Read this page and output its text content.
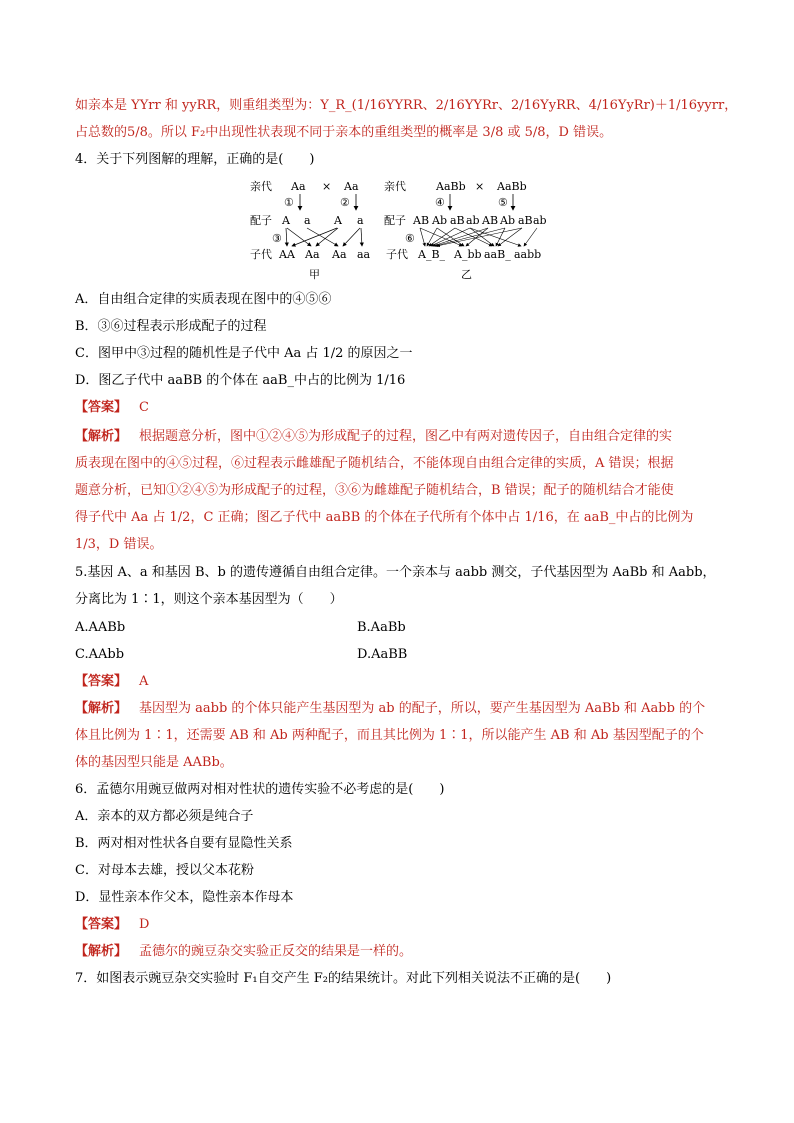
如亲本是 YYrr 和 yyRR，则重组类型为：Y_R_(1/16YYRR、2/16YYRr、2/16YyRR、4/16YyRr)＋1/16yyrr，
占总数的5/8。所以 F₂中出现性状表现不同于亲本的重组类型的概率是 3/8 或 5/8，D 错误。
4．关于下列图解的理解，正确的是(　　)
亲代 Aa × Aa
①	②
配子 A a A a
③
子代 AA Aa Aa aa
甲
亲代	AaBb × AaBb
④	⑤
配子 AB Ab aB ab AB Ab aB ab
⑥
子代 A_B_ A_bb aaB_ aabb
乙
A．自由组合定律的实质表现在图中的④⑤⑥
B．③⑥过程表示形成配子的过程
C．图甲中③过程的随机性是子代中 Aa 占 1/2 的原因之一
D．图乙子代中 aaBB 的个体在 aaB_中占的比例为 1/16
【答案】 C
【解析】 根据题意分析，图中①②④⑤为形成配子的过程，图乙中有两对遗传因子，自由组合定律的实
质表现在图中的④⑤过程，⑥过程表示雌雄配子随机结合，不能体现自由组合定律的实质，A 错误；根据
题意分析，已知①②④⑤为形成配子的过程，③⑥为雌雄配子随机结合，B 错误；配子的随机结合才能使
得子代中 Aa 占 1/2，C 正确；图乙子代中 aaBB 的个体在子代所有个体中占 1/16，在 aaB_中占的比例为
1/3，D 错误。
5.基因 A、a 和基因 B、b 的遗传遵循自由组合定律。一个亲本与 aabb 测交，子代基因型为 AaBb 和 Aabb，
分离比为 1∶1，则这个亲本基因型为（　　）
A.AABb	B.AaBb
C.AAbb	D.AaBB
【答案】 A
【解析】 基因型为 aabb 的个体只能产生基因型为 ab 的配子，所以，要产生基因型为 AaBb 和 Aabb 的个
体且比例为 1∶1，还需要 AB 和 Ab 两种配子，而且其比例为 1∶1，所以能产生 AB 和 Ab 基因型配子的个
体的基因型只能是 AABb。
6．孟德尔用豌豆做两对相对性状的遗传实验不必考虑的是(　　)
A．亲本的双方都必须是纯合子
B．两对相对性状各自要有显隐性关系
C．对母本去雄，授以父本花粉
D．显性亲本作父本，隐性亲本作母本
【答案】 D
【解析】 孟德尔的豌豆杂交实验正反交的结果是一样的。
7．如图表示豌豆杂交实验时 F₁自交产生 F₂的结果统计。对此下列相关说法不正确的是(　　)
